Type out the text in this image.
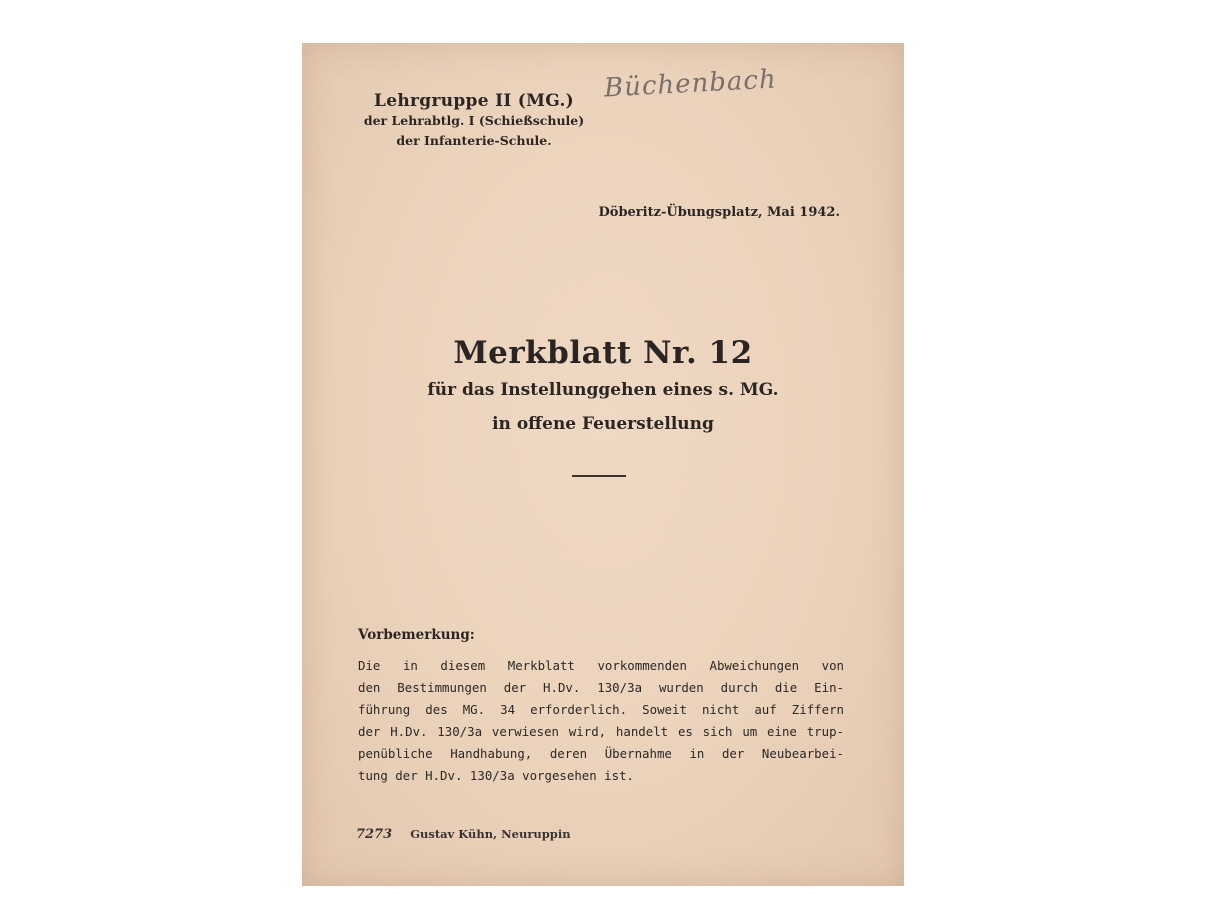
Büchenbach
Lehrgruppe II (MG.)
der Lehrabtlg. I (Schießschule)
der Infanterie-Schule.
Döberitz-Übungsplatz, Mai 1942.
Merkblatt Nr. 12
für das Instellunggehen eines s. MG.
in offene Feuerstellung
Vorbemerkung:
Die in diesem Merkblatt vorkommenden Abweichungen von
den Bestimmungen der H.Dv. 130/3a wurden durch die Ein-
führung des MG. 34 erforderlich. Soweit nicht auf Ziffern
der H.Dv. 130/3a verwiesen wird, handelt es sich um eine trup-
penübliche Handhabung, deren Übernahme in der Neubearbei-
tung der H.Dv. 130/3a vorgesehen ist.
7273 Gustav Kühn, Neuruppin
